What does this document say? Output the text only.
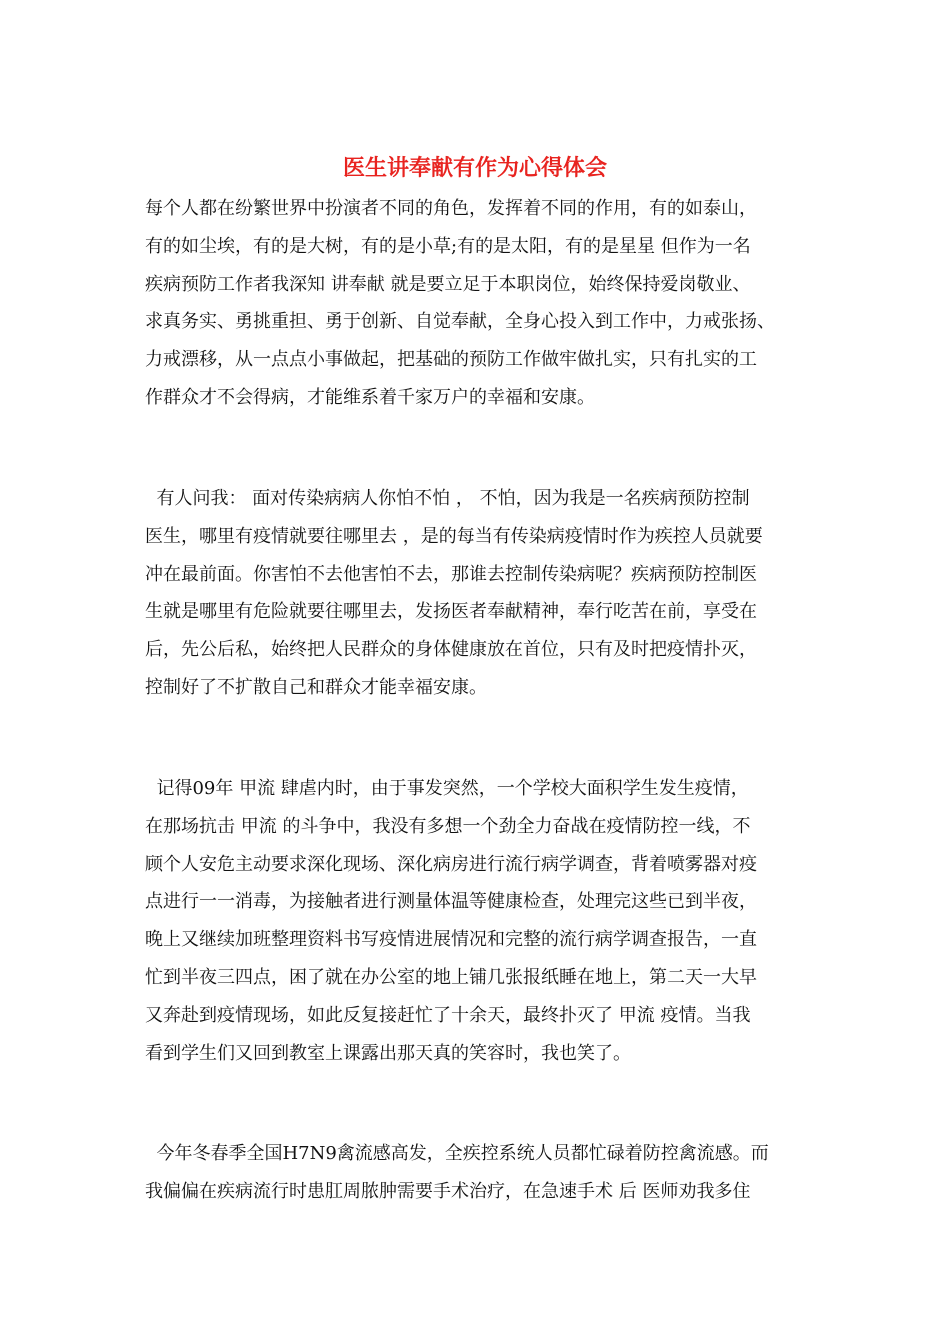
医生讲奉献有作为心得体会
每个人都在纷繁世界中扮演者不同的角色，发挥着不同的作用，有的如泰山，
有的如尘埃，有的是大树，有的是小草;有的是太阳，有的是星星 但作为一名
疾病预防工作者我深知 讲奉献 就是要立足于本职岗位，始终保持爱岗敬业、
求真务实、勇挑重担、勇于创新、自觉奉献，全身心投入到工作中，力戒张扬、
力戒漂移，从一点点小事做起，把基础的预防工作做牢做扎实，只有扎实的工
作群众才不会得病，才能维系着千家万户的幸福和安康。
有人问我： 面对传染病病人你怕不怕 ， 不怕，因为我是一名疾病预防控制
医生，哪里有疫情就要往哪里去 ，是的每当有传染病疫情时作为疾控人员就要
冲在最前面。你害怕不去他害怕不去，那谁去控制传染病呢？疾病预防控制医
生就是哪里有危险就要往哪里去，发扬医者奉献精神，奉行吃苦在前，享受在
后，先公后私，始终把人民群众的身体健康放在首位，只有及时把疫情扑灭，
控制好了不扩散自己和群众才能幸福安康。
记得09年 甲流 肆虐内时，由于事发突然，一个学校大面积学生发生疫情，
在那场抗击 甲流 的斗争中，我没有多想一个劲全力奋战在疫情防控一线，不
顾个人安危主动要求深化现场、深化病房进行流行病学调查，背着喷雾器对疫
点进行一一消毒，为接触者进行测量体温等健康检查，处理完这些已到半夜，
晚上又继续加班整理资料书写疫情进展情况和完整的流行病学调查报告，一直
忙到半夜三四点，困了就在办公室的地上铺几张报纸睡在地上，第二天一大早
又奔赴到疫情现场，如此反复接赶忙了十余天，最终扑灭了 甲流 疫情。当我
看到学生们又回到教室上课露出那天真的笑容时，我也笑了。
今年冬春季全国H7N9禽流感高发，全疾控系统人员都忙碌着防控禽流感。而
我偏偏在疾病流行时患肛周脓肿需要手术治疗，在急速手术 后 医师劝我多住
